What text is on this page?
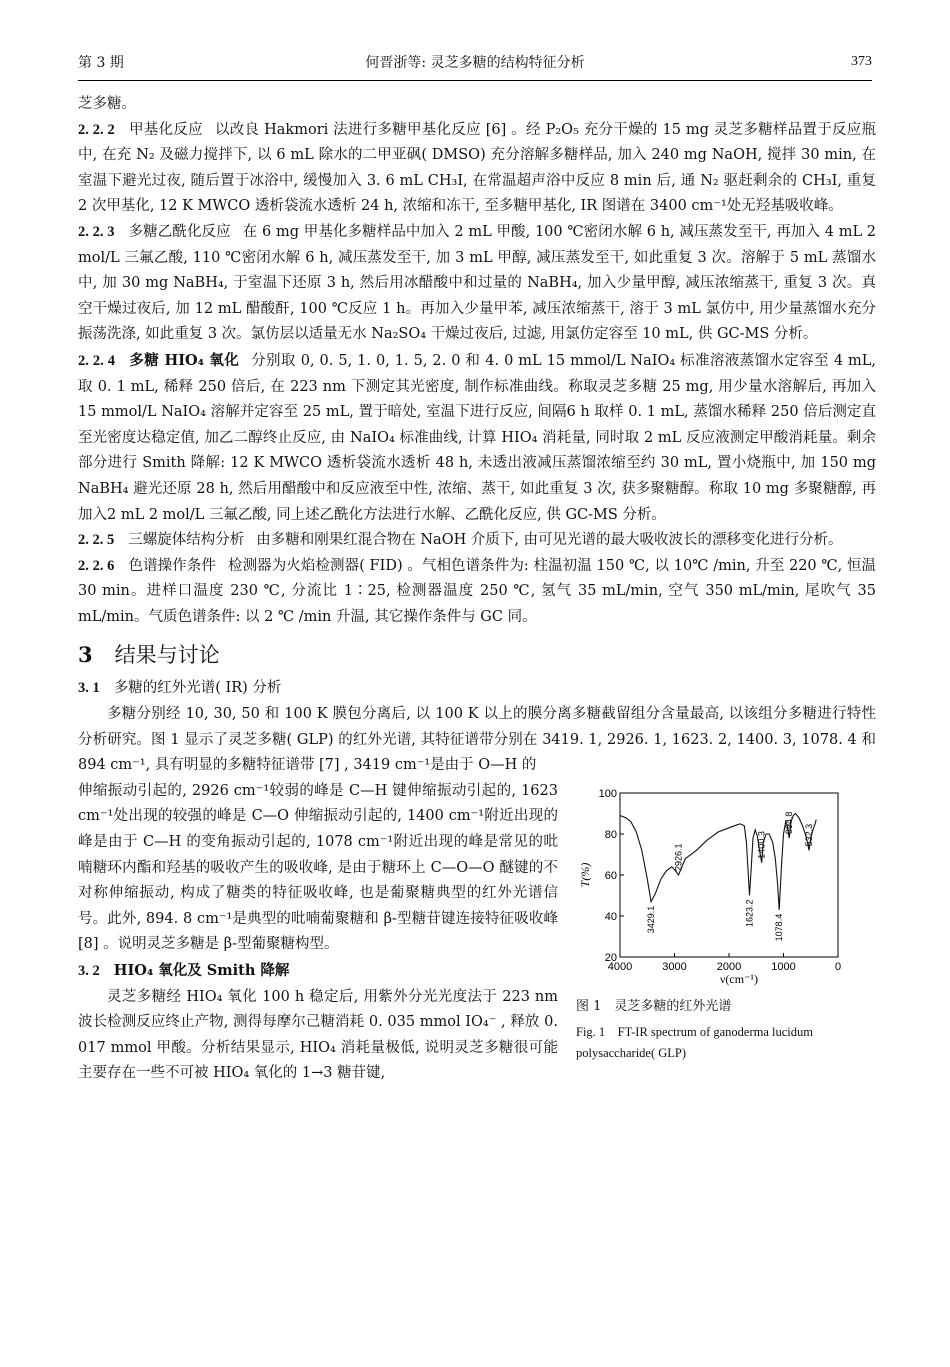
第 3 期	何晋浙等: 灵芝多糖的结构特征分析	373

芝多糖。

2. 2. 2 甲基化反应 以改良 Hakmori 法进行多糖甲基化反应 [6] 。经 P₂O₅ 充分干燥的 15 mg 灵芝多糖样品置于反应瓶中, 在充 N₂ 及磁力搅拌下, 以 6 mL 除水的二甲亚砜( DMSO) 充分溶解多糖样品, 加入 240 mg NaOH, 搅拌 30 min, 在室温下避光过夜, 随后置于冰浴中, 缓慢加入 3. 6 mL CH₃I, 在常温超声浴中反应 8 min 后, 通 N₂ 驱赶剩余的 CH₃I, 重复 2 次甲基化, 12 K MWCO 透析袋流水透析 24 h, 浓缩和冻干, 至多糖甲基化, IR 图谱在 3400 cm⁻¹处无羟基吸收峰。

2. 2. 3 多糖乙酰化反应 在 6 mg 甲基化多糖样品中加入 2 mL 甲酸, 100 ℃密闭水解 6 h, 减压蒸发至干, 再加入 4 mL 2 mol/L 三氟乙酸, 110 ℃密闭水解 6 h, 减压蒸发至干, 加 3 mL 甲醇, 减压蒸发至干, 如此重复 3 次。溶解于 5 mL 蒸馏水中, 加 30 mg NaBH₄, 于室温下还原 3 h, 然后用冰醋酸中和过量的 NaBH₄, 加入少量甲醇, 减压浓缩蒸干, 重复 3 次。真空干燥过夜后, 加 12 mL 醋酸酐, 100 ℃反应 1 h。再加入少量甲苯, 减压浓缩蒸干, 溶于 3 mL 氯仿中, 用少量蒸馏水充分振荡洗涤, 如此重复 3 次。氯仿层以适量无水 Na₂SO₄ 干燥过夜后, 过滤, 用氯仿定容至 10 mL, 供 GC-MS 分析。

2. 2. 4 多糖 HIO₄ 氧化 分别取 0, 0. 5, 1. 0, 1. 5, 2. 0 和 4. 0 mL 15 mmol/L NaIO₄ 标准溶液蒸馏水定容至 4 mL, 取 0. 1 mL, 稀释 250 倍后, 在 223 nm 下测定其光密度, 制作标准曲线。称取灵芝多糖 25 mg, 用少量水溶解后, 再加入 15 mmol/L NaIO₄ 溶解并定容至 25 mL, 置于暗处, 室温下进行反应, 间隔6 h 取样 0. 1 mL, 蒸馏水稀释 250 倍后测定直至光密度达稳定值, 加乙二醇终止反应, 由 NaIO₄ 标准曲线, 计算 HIO₄ 消耗量, 同时取 2 mL 反应液测定甲酸消耗量。剩余部分进行 Smith 降解: 12 K MWCO 透析袋流水透析 48 h, 未透出液减压蒸馏浓缩至约 30 mL, 置小烧瓶中, 加 150 mg NaBH₄ 避光还原 28 h, 然后用醋酸中和反应液至中性, 浓缩、蒸干, 如此重复 3 次, 获多聚糖醇。称取 10 mg 多聚糖醇, 再加入2 mL 2 mol/L 三氟乙酸, 同上述乙酰化方法进行水解、乙酰化反应, 供 GC-MS 分析。

2. 2. 5 三螺旋体结构分析 由多糖和刚果红混合物在 NaOH 介质下, 由可见光谱的最大吸收波长的漂移变化进行分析。

2. 2. 6 色谱操作条件 检测器为火焰检测器( FID) 。气相色谱条件为: 柱温初温 150 ℃, 以 10℃ /min, 升至 220 ℃, 恒温 30 min。进样口温度 230 ℃, 分流比 1∶25, 检测器温度 250 ℃, 氢气 35 mL/min, 空气 350 mL/min, 尾吹气 35 mL/min。气质色谱条件: 以 2 ℃ /min 升温, 其它操作条件与 GC 同。

3 结果与讨论

3. 1 多糖的红外光谱( IR) 分析

多糖分别经 10, 30, 50 和 100 K 膜包分离后, 以 100 K 以上的膜分离多糖截留组分含量最高, 以该组分多糖进行特性分析研究。图 1 显示了灵芝多糖( GLP) 的红外光谱, 其特征谱带分别在 3419. 1, 2926. 1, 1623. 2, 1400. 3, 1078. 4 和 894 cm⁻¹, 具有明显的多糖特征谱带 [7] , 3419 cm⁻¹是由于 O—H 的

20
40
60
80
100
4000	3000	2000	1000	0
3429.1
2926.1
1623.2
1400.3
1078.4
894.8
532.3
T(%)
ν(cm⁻¹)
图 1　灵芝多糖的红外光谱
Fig. 1　FT-IR spectrum of ganoderma lucidum polysaccharide( GLP)

伸缩振动引起的, 2926 cm⁻¹较弱的峰是 C—H 键伸缩振动引起的, 1623 cm⁻¹处出现的较强的峰是 C—O 伸缩振动引起的, 1400 cm⁻¹附近出现的峰是由于 C—H 的变角振动引起的, 1078 cm⁻¹附近出现的峰是常见的吡喃糖环内酯和羟基的吸收产生的吸收峰, 是由于糖环上 C—O—O 醚键的不对称伸缩振动, 构成了糖类的特征吸收峰, 也是葡聚糖典型的红外光谱信号。此外, 894. 8 cm⁻¹是典型的吡喃葡聚糖和 β-型糖苷键连接特征吸收峰 [8] 。说明灵芝多糖是 β-型葡聚糖构型。

3. 2 HIO₄ 氧化及 Smith 降解

灵芝多糖经 HIO₄ 氧化 100 h 稳定后, 用紫外分光光度法于 223 nm 波长检测反应终止产物, 测得每摩尔己糖消耗 0. 035 mmol IO₄⁻ , 释放 0. 017 mmol 甲酸。分析结果显示, HIO₄ 消耗量极低, 说明灵芝多糖很可能主要存在一些不可被 HIO₄ 氧化的 1→3 糖苷键,
